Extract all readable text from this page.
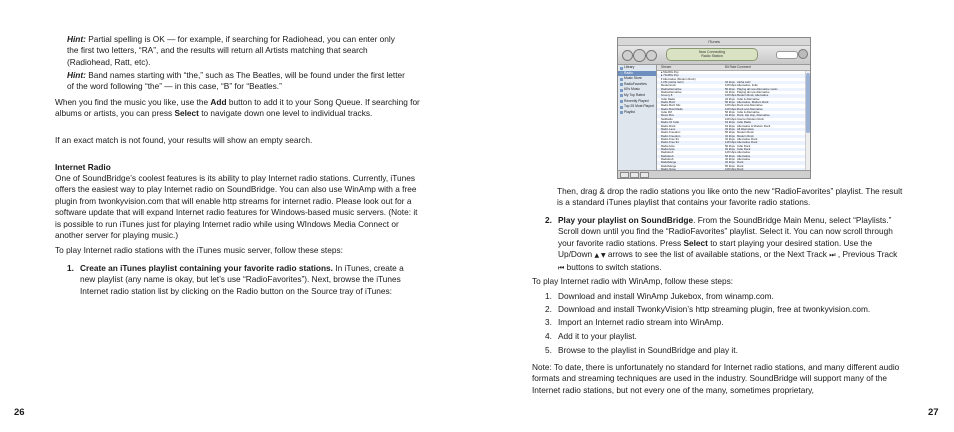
Hint: Partial spelling is OK — for example, if searching for Radiohead, you can enter only the first two letters, “RA”, and the results will return all Artists matching that search (Radiohead, Ratt, etc).

Hint: Band names starting with “the,” such as The Beatles, will be found under the first letter of the word following “the” — in this case, “B” for “Beatles.”

When you find the music you like, use the Add button to add it to your Song Queue. If searching for albums or artists, you can press Select to navigate down one level to individual tracks.

If an exact match is not found, your results will show an empty search.

Internet Radio

One of SoundBridge’s coolest features is its ability to play Internet radio stations. Currently, iTunes offers the easiest way to play Internet radio on SoundBridge. You can also use WinAmp with a free plugin from twonkyvision.com that will enable http streams for internet radio. Please look out for a software update that will expand Internet radio features for Windows-based music servers. (Note: it is possible to run iTunes just for playing Internet radio while using WIndows Media Connect or another server for playing music.)

To play Internet radio stations with the iTunes music server, follow these steps:

1. Create an iTunes playlist containing your favorite radio stations. In iTunes, create a new playlist (any name is okay, but let’s use “RadioFavorites”). Next, browse the iTunes Internet radio station list by clicking on the Radio button on the Source tray of iTunes:

26
iTunes
Now Connecting
Radio Station
Library
Radio
Music Store
RadioFavorites
60's Music
My Top Rated
Recently Played
Top 25 Most Played
Playlist
Stream	Bit RateComment
▸ 50s/60s Pop
▸ 70s/80s Pop
▾ Alternative (Modern Rock)
1.FM (Aloha Jazz)	32 kbps Aloha Jazz
Modernrock	128 kbpsAlternative, Indie
RadioAlternative	56 kbps Playing all new Alternative music
RadioAlternative	32 kbps Playing all new Alternative
Groovy 8	128 kbpsModern Rock, Alternative
Indie Radio	32 kbps Indie & Alternative
Radio Buzz	56 kbps Alternative, Modern Rock
Radio Buzz Mix	128 kbpsRock and Alternative
Radio Bust Radio	128 kbpsRock and Alternative
Indie FM	56 kbps Indie & Alternative
Music Box	32 kbps Rock, Hip Hop, Alternative
NetRadio	128 kbpsInternet Modern Rock
Radio 10 Indie	64 kbps Indie Radio
Radio Rock	64 kbps Alternative & Modern Rock
Radio Lane	32 kbps All Alternative
Radio Freedom	56 kbps Modern Rock
Radio Freedom	32 kbps Modern Rock
Radio Free 94	32 kbps Alternative Rock
Radio Free 94	128 kbpsAlternative Rock
RadioJuice	56 kbps Indie Rock
RadioJuice	32 kbps Indie Rock
RadioHub	128 kbpsAlternative
RadioHub	56 kbps Alternative
RadioHub	32 kbps Alternative
RadioMerge	32 kbps Rock
RadioMerge	56 kbps Rock

Then, drag & drop the radio stations you like onto the new “RadioFavorites” playlist. The result is a standard iTunes playlist that contains your favorite radio stations.

2. Play your playlist on SoundBridge. From the SoundBridge Main Menu, select “Playlists.” Scroll down until you find the “RadioFavorites” playlist. Select it. You can now scroll through your favorite radio stations. Press Select to start playing your desired station. Use the Up/Down ▲ ▼ arrows to see the list of available stations, or the Next Track ⏭ , Previous Track ⏮ buttons to switch stations.

To play Internet radio with WinAmp, follow these steps:

1. Download and install WinAmp Jukebox, from winamp.com.
2. Download and install TwonkyVision’s http streaming plugin, free at twonkyvision.com.
3. Import an Internet radio stream into WinAmp.
4. Add it to your playlist.
5. Browse to the playlist in SoundBridge and play it.

Note: To date, there is unfortunately no standard for Internet radio stations, and many different audio formats and streaming techniques are used in the industry. SoundBridge will support many of the Internet radio stations, but not every one of the many, sometimes proprietary,

27
